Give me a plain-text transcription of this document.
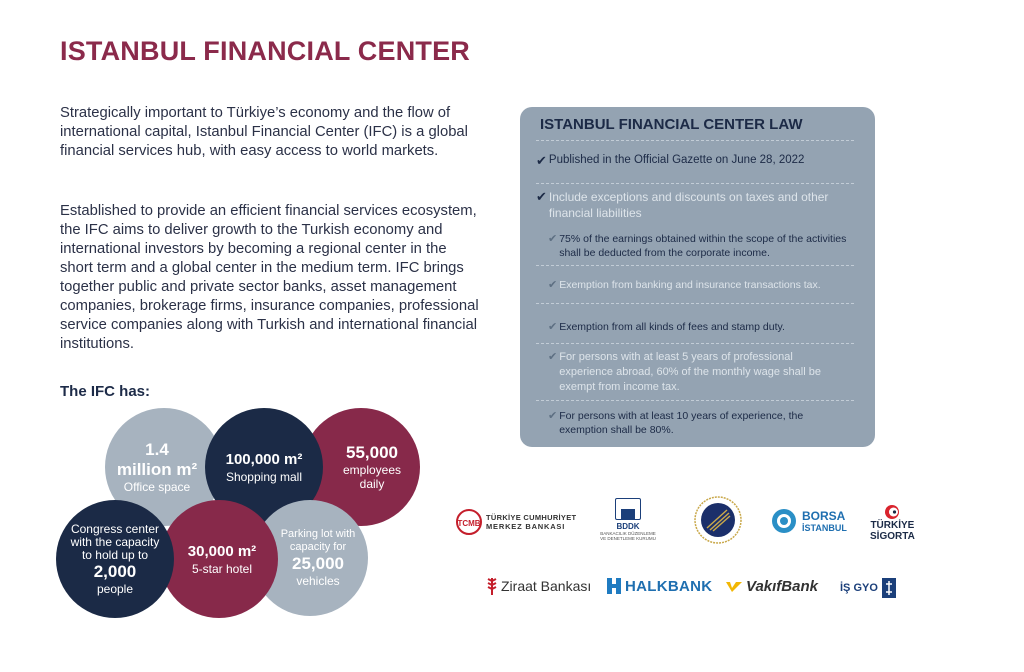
ISTANBUL FINANCIAL CENTER
Strategically important to Türkiye’s economy and the flow of international capital, Istanbul Financial Center (IFC) is a global financial services hub, with easy access to world markets.
Established to provide an efficient financial services ecosystem, the IFC aims to deliver growth to the Turkish economy and international investors by becoming a regional center in the short term and a global center in the medium term. IFC brings together public and private sector banks, asset management companies, brokerage firms, insurance companies, professional service companies along with Turkish and international financial institutions.
The IFC has:
1.4
million m²
Office space
55,000
employees daily
100,000 m²
Shopping mall
Parking lot with capacity for
25,000
vehicles
30,000 m²
5-star hotel
Congress center with the capacity to hold up to
2,000
people
ISTANBUL FINANCIAL CENTER LAW
✔ Published in the Official Gazette on June 28, 2022
✔ Include exceptions and discounts on taxes and other financial liabilities
✔ 75% of the earnings obtained within the scope of the activities shall be deducted from the corporate income.
✔ Exemption from banking and insurance transactions tax.
✔ Exemption from all kinds of fees and stamp duty.
✔ For persons with at least 5 years of professional experience abroad, 60% of the monthly wage shall be exempt from income tax.
✔ For persons with at least 10 years of experience, the exemption shall be 80%.
TCMB
TÜRKİYE CUMHURİYET
MERKEZ BANKASI	BDDK
BANKACILIK DÜZENLEME VE DENETLEME KURUMU
BORSA
İSTANBUL TÜRKİYE
SİGORTA
Ziraat Bankası HALKBANK VakıfBank İŞ GYO
